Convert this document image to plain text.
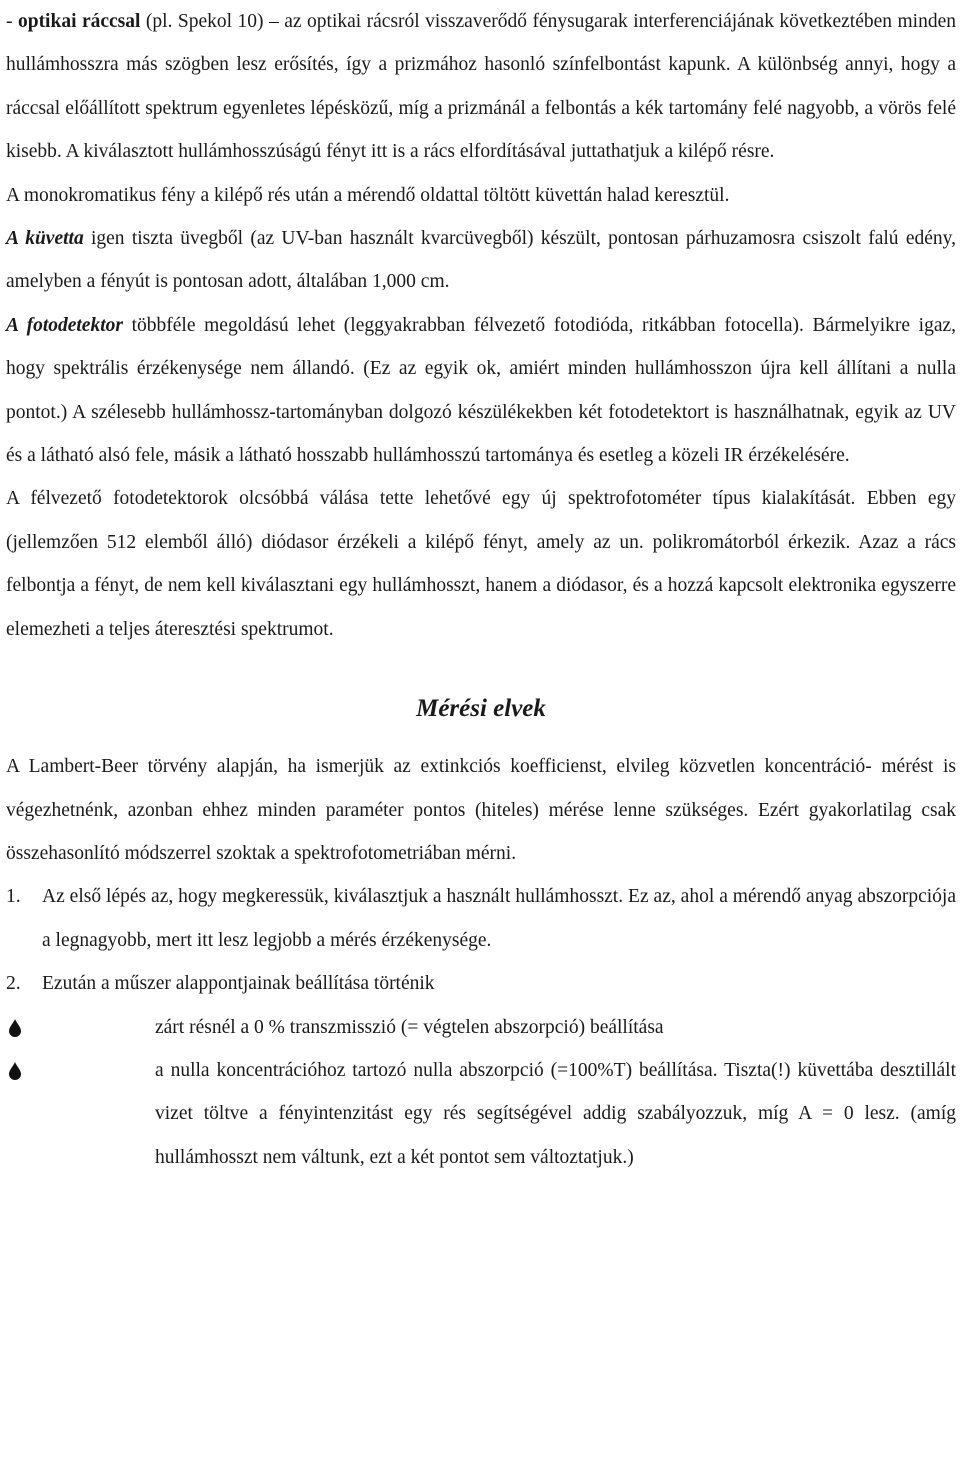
- optikai ráccsal (pl. Spekol 10) – az optikai rácsról visszaverődő fénysugarak interferenciájának következtében minden hullámhosszra más szögben lesz erősítés, így a prizmához hasonló színfelbontást kapunk. A különbség annyi, hogy a ráccsal előállított spektrum egyenletes lépésközű, míg a prizmánál a felbontás a kék tartomány felé nagyobb, a vörös felé kisebb. A kiválasztott hullámhosszúságú fényt itt is a rács elfordításával juttathatjuk a kilépő résre.

A monokromatikus fény a kilépő rés után a mérendő oldattal töltött küvettán halad keresztül.

A küvetta igen tiszta üvegből (az UV-ban használt kvarcüvegből) készült, pontosan párhuzamosra csiszolt falú edény, amelyben a fényút is pontosan adott, általában 1,000 cm.

A fotodetektor többféle megoldású lehet (leggyakrabban félvezető fotodióda, ritkábban fotocella). Bármelyikre igaz, hogy spektrális érzékenysége nem állandó. (Ez az egyik ok, amiért minden hullámhosszon újra kell állítani a nulla pontot.) A szélesebb hullámhossz-tartományban dolgozó készülékekben két fotodetektort is használhatnak, egyik az UV és a látható alsó fele, másik a látható hosszabb hullámhosszú tartománya és esetleg a közeli IR érzékelésére.

A félvezető fotodetektorok olcsóbbá válása tette lehetővé egy új spektrofotométer típus kialakítását. Ebben egy (jellemzően 512 elemből álló) diódasor érzékeli a kilépő fényt, amely az un. polikromátorból érkezik. Azaz a rács felbontja a fényt, de nem kell kiválasztani egy hullámhosszt, hanem a diódasor, és a hozzá kapcsolt elektronika egyszerre elemezheti a teljes áteresztési spektrumot.

Mérési elvek

A Lambert-Beer törvény alapján, ha ismerjük az extinkciós koefficienst, elvileg közvetlen koncentráció- mérést is végezhetnénk, azonban ehhez minden paraméter pontos (hiteles) mérése lenne szükséges. Ezért gyakorlatilag csak összehasonlító módszerrel szoktak a spektrofotometriában mérni.

1. Az első lépés az, hogy megkeressük, kiválasztjuk a használt hullámhosszt. Ez az, ahol a mérendő anyag abszorpciója a legnagyobb, mert itt lesz legjobb a mérés érzékenysége.
2. Ezután a műszer alappontjainak beállítása történik
zárt résnél a 0 % transzmisszió (= végtelen abszorpció) beállítása
a nulla koncentrációhoz tartozó nulla abszorpció (=100%T) beállítása. Tiszta(!) küvettába desztillált vizet töltve a fényintenzitást egy rés segítségével addig szabályozzuk, míg A = 0 lesz. (amíg hullámhosszt nem váltunk, ezt a két pontot sem változtatjuk.)
